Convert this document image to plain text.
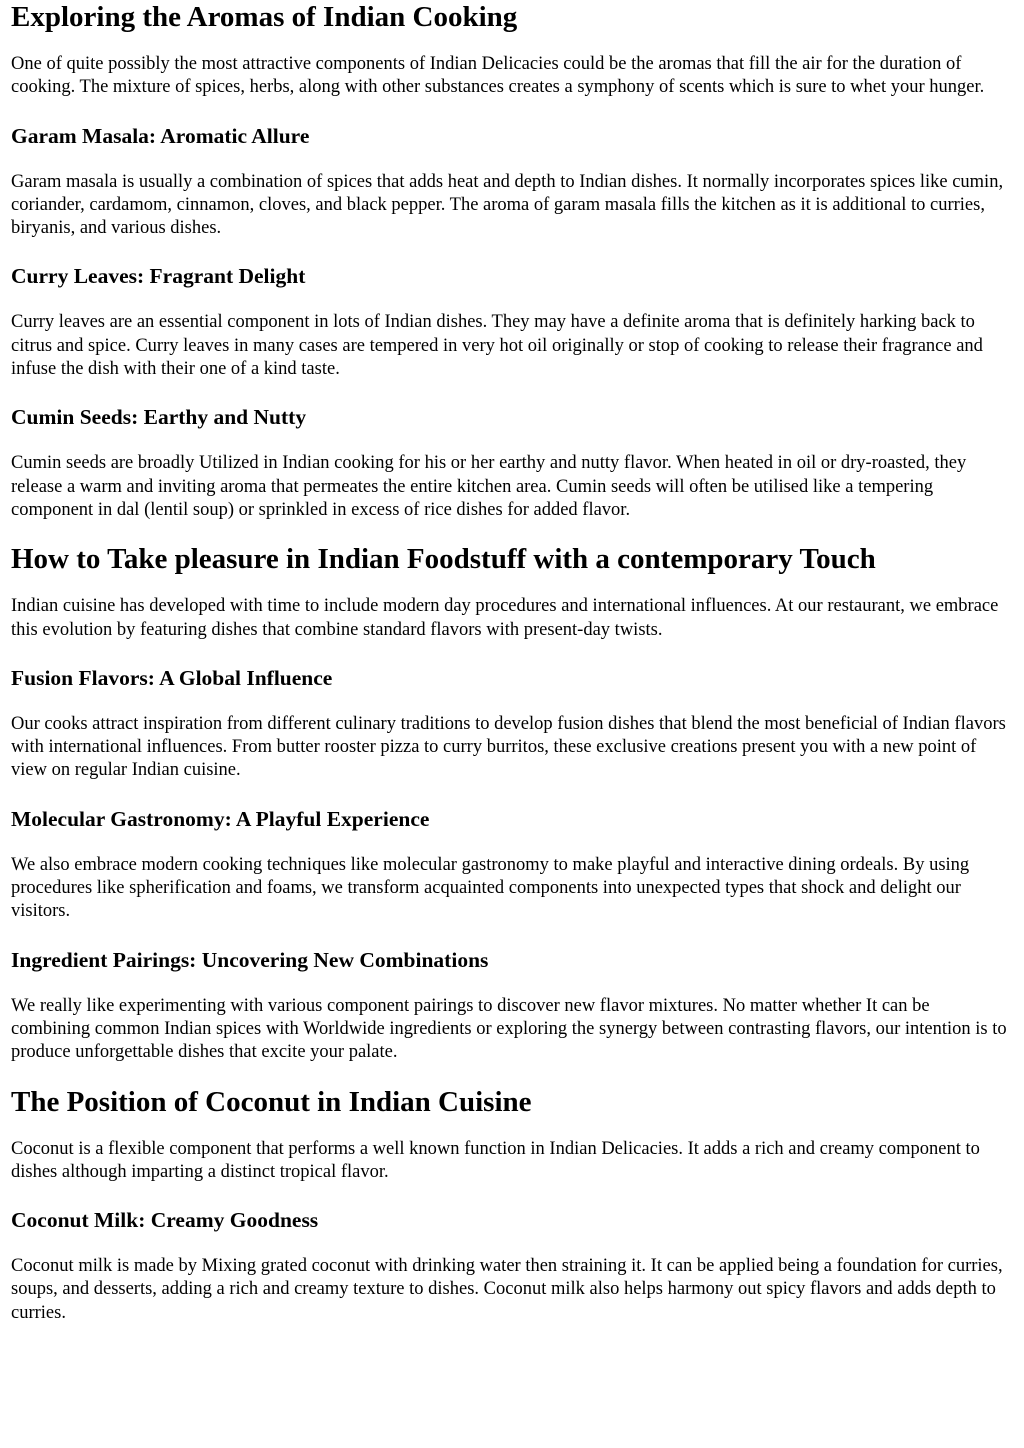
Exploring the Aromas of Indian Cooking

One of quite possibly the most attractive components of Indian Delicacies could be the aromas that fill the air for the duration of cooking. The mixture of spices, herbs, along with other substances creates a symphony of scents which is sure to whet your hunger.

Garam Masala: Aromatic Allure

Garam masala is usually a combination of spices that adds heat and depth to Indian dishes. It normally incorporates spices like cumin, coriander, cardamom, cinnamon, cloves, and black pepper. The aroma of garam masala fills the kitchen as it is additional to curries, biryanis, and various dishes.

Curry Leaves: Fragrant Delight

Curry leaves are an essential component in lots of Indian dishes. They may have a definite aroma that is definitely harking back to citrus and spice. Curry leaves in many cases are tempered in very hot oil originally or stop of cooking to release their fragrance and infuse the dish with their one of a kind taste.

Cumin Seeds: Earthy and Nutty

Cumin seeds are broadly Utilized in Indian cooking for his or her earthy and nutty flavor. When heated in oil or dry-roasted, they release a warm and inviting aroma that permeates the entire kitchen area. Cumin seeds will often be utilised like a tempering component in dal (lentil soup) or sprinkled in excess of rice dishes for added flavor.

How to Take pleasure in Indian Foodstuff with a contemporary Touch

Indian cuisine has developed with time to include modern day procedures and international influences. At our restaurant, we embrace this evolution by featuring dishes that combine standard flavors with present-day twists.

Fusion Flavors: A Global Influence

Our cooks attract inspiration from different culinary traditions to develop fusion dishes that blend the most beneficial of Indian flavors with international influences. From butter rooster pizza to curry burritos, these exclusive creations present you with a new point of view on regular Indian cuisine.

Molecular Gastronomy: A Playful Experience

We also embrace modern cooking techniques like molecular gastronomy to make playful and interactive dining ordeals. By using procedures like spherification and foams, we transform acquainted components into unexpected types that shock and delight our visitors.

Ingredient Pairings: Uncovering New Combinations

We really like experimenting with various component pairings to discover new flavor mixtures. No matter whether It can be combining common Indian spices with Worldwide ingredients or exploring the synergy between contrasting flavors, our intention is to produce unforgettable dishes that excite your palate.

The Position of Coconut in Indian Cuisine

Coconut is a flexible component that performs a well known function in Indian Delicacies. It adds a rich and creamy component to dishes although imparting a distinct tropical flavor.

Coconut Milk: Creamy Goodness

Coconut milk is made by Mixing grated coconut with drinking water then straining it. It can be applied being a foundation for curries, soups, and desserts, adding a rich and creamy texture to dishes. Coconut milk also helps harmony out spicy flavors and adds depth to curries.
